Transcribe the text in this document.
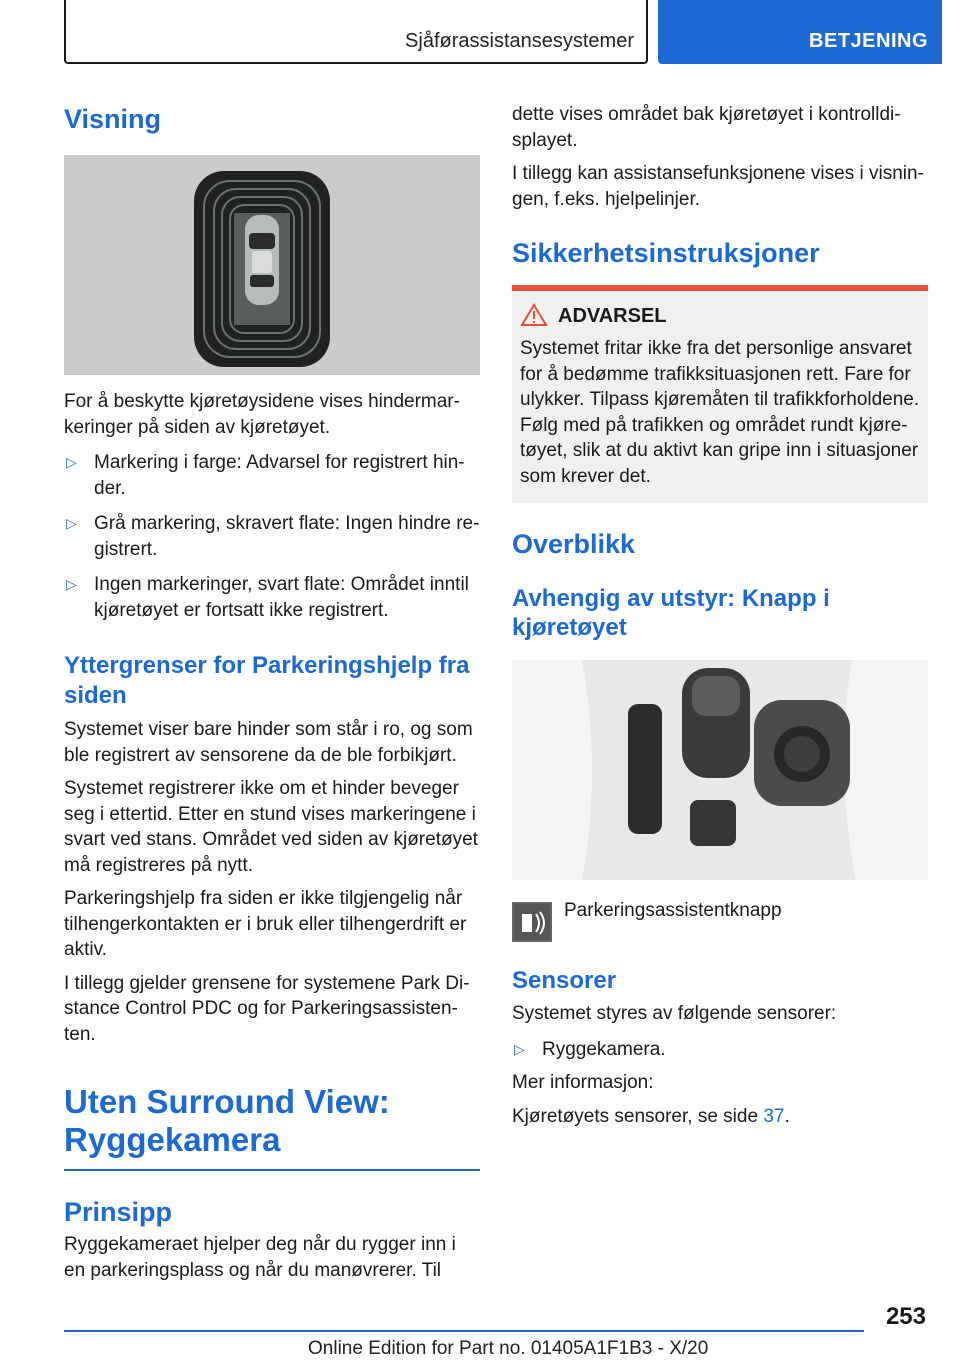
Sjåførassistansesystemer	BETJENING
Visning

For å beskytte kjøretøysidene vises hindermar-keringer på siden av kjøretøyet.

▷ Markering i farge: Advarsel for registrert hin-der.
▷ Grå markering, skravert flate: Ingen hindre re-gistrert.
▷ Ingen markeringer, svart flate: Området inntil kjøretøyet er fortsatt ikke registrert.
Yttergrenser for Parkeringshjelp fra siden

Systemet viser bare hinder som står i ro, og som ble registrert av sensorene da de ble forbikjørt.

Systemet registrerer ikke om et hinder beveger seg i ettertid. Etter en stund vises markeringene i svart ved stans. Området ved siden av kjøretøyet må registreres på nytt.

Parkeringshjelp fra siden er ikke tilgjengelig når tilhengerkontakten er i bruk eller tilhengerdrift er aktiv.

I tillegg gjelder grensene for systemene Park Di-stance Control PDC og for Parkeringsassisten-ten.

Uten Surround View: Ryggekamera
Prinsipp

Ryggekameraet hjelper deg når du rygger inn i en parkeringsplass og når du manøvrerer. Til

dette vises området bak kjøretøyet i kontrolldi-splayet.

I tillegg kan assistansefunksjonene vises i visnin-gen, f.eks. hjelpelinjer.

Sikkerhetsinstruksjoner
ADVARSEL

Systemet fritar ikke fra det personlige ansvaret for å bedømme trafikksituasjonen rett. Fare for ulykker. Tilpass kjøremåten til trafikkforholdene. Følg med på trafikken og området rundt kjøre-tøyet, slik at du aktivt kan gripe inn i situasjoner som krever det.

Overblikk
Avhengig av utstyr: Knapp i kjøretøyet

Parkeringsassistentknapp

Sensorer

Systemet styres av følgende sensorer:

▷ Ryggekamera.

Mer informasjon:

Kjøretøyets sensorer, se side 37.

253
Online Edition for Part no. 01405A1F1B3 - X/20
